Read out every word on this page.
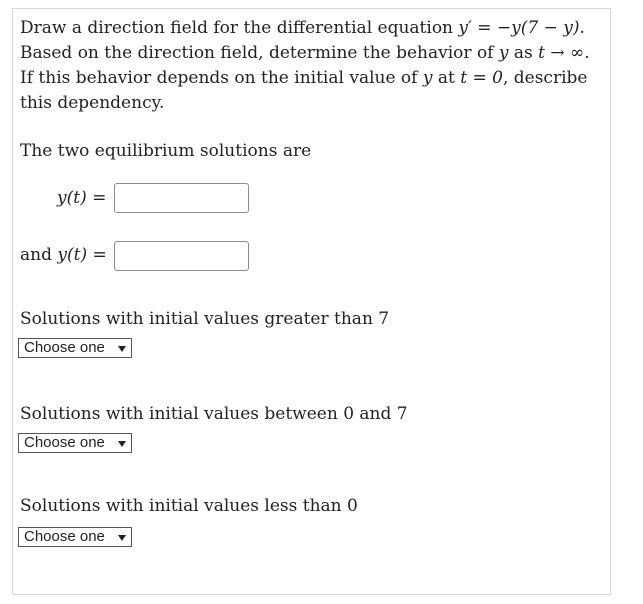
Draw a direction field for the differential equation y′ = −y(7 − y).
Based on the direction field, determine the behavior of y as t → ∞.
If this behavior depends on the initial value of y at t = 0, describe
this dependency.
The two equilibrium solutions are
y(t) =
and y(t) =
Solutions with initial values greater than 7
Choose one
Solutions with initial values between 0 and 7
Choose one
Solutions with initial values less than 0
Choose one
